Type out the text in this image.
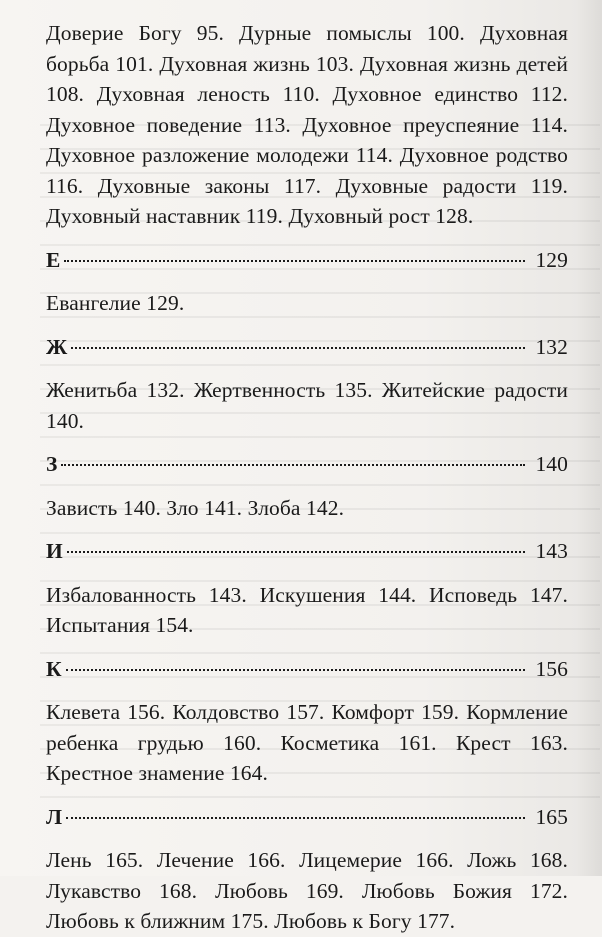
Доверие Богу 95. Дурные помыслы 100. Духовная борьба 101. Духовная жизнь 103. Духовная жизнь детей 108. Духовная леность 110. Духовное единство 112. Духовное поведение 113. Духовное преуспеяние 114. Духовное разложение молодежи 114. Духовное родство 116. Духовные законы 117. Духовные радости 119. Духовный наставник 119. Духовный рост 128.

Е	129

Евангелие 129.

Ж	132

Женитьба 132. Жертвенность 135. Житейские радости 140.

З	140

Зависть 140. Зло 141. Злоба 142.

И	143

Избалованность 143. Искушения 144. Исповедь 147. Испытания 154.

К	156

Клевета 156. Колдовство 157. Комфорт 159. Кормление ребенка грудью 160. Косметика 161. Крест 163. Крестное знамение 164.

Л	165

Лень 165. Лечение 166. Лицемерие 166. Ложь 168. Лукавство 168. Любовь 169. Любовь Божия 172. Любовь к ближним 175. Любовь к Богу 177.
